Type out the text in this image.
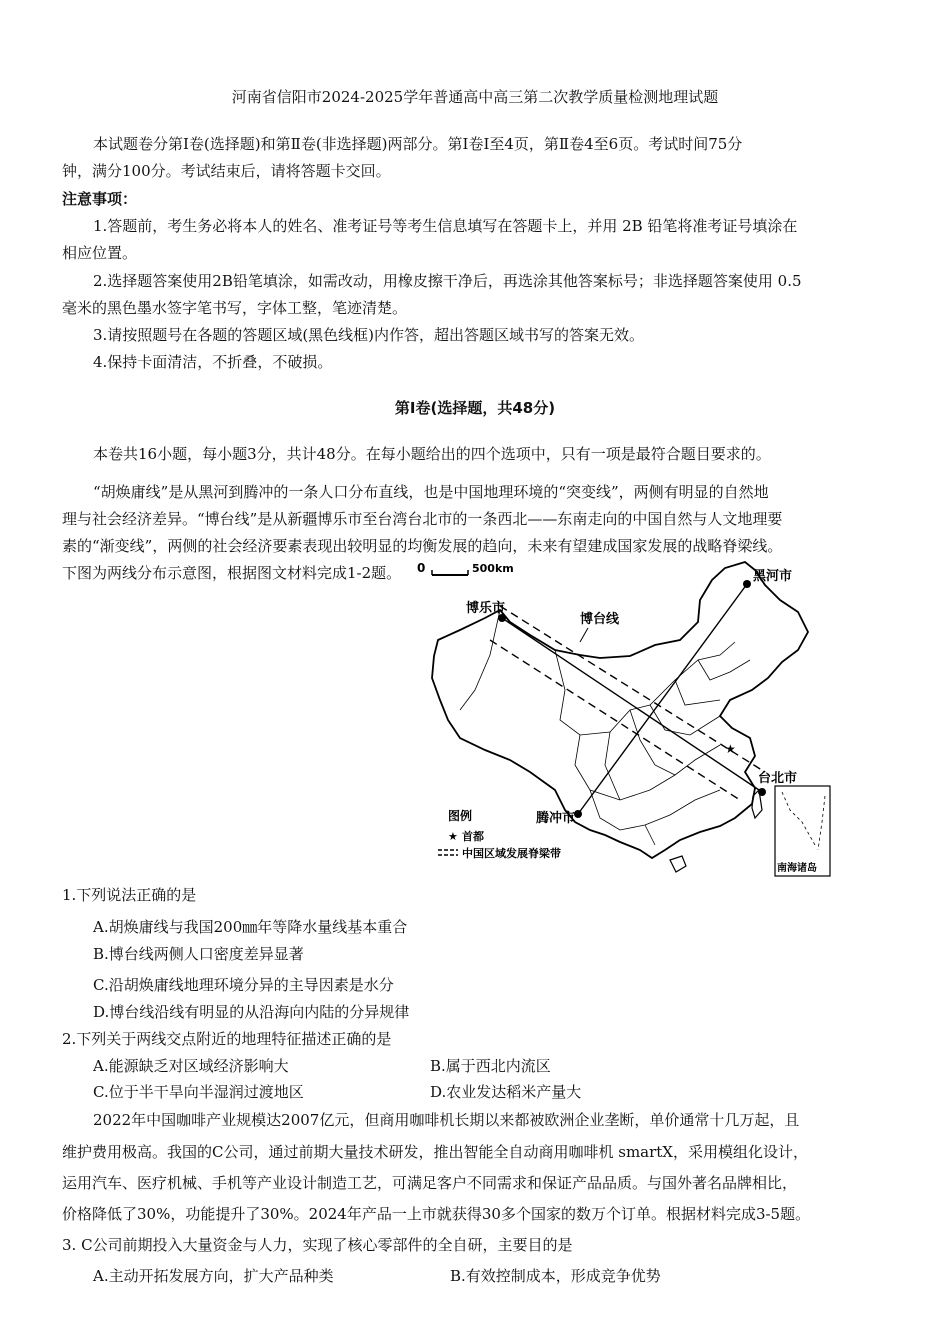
河南省信阳市2024-2025学年普通高中高三第二次教学质量检测地理试题
本试题卷分第Ⅰ卷(选择题)和第Ⅱ卷(非选择题)两部分。第Ⅰ卷Ⅰ至4页，第Ⅱ卷4至6页。考试时间75分
钟，满分100分。考试结束后，请将答题卡交回。
注意事项：
1.答题前，考生务必将本人的姓名、准考证号等考生信息填写在答题卡上，并用 2B 铅笔将准考证号填涂在
相应位置。
2.选择题答案使用2B铅笔填涂，如需改动，用橡皮擦干净后，再选涂其他答案标号；非选择题答案使用 0.5
毫米的黑色墨水签字笔书写，字体工整，笔迹清楚。
3.请按照题号在各题的答题区域(黑色线框)内作答，超出答题区域书写的答案无效。
4.保持卡面清洁，不折叠，不破损。
第Ⅰ卷(选择题，共48分)
本卷共16小题，每小题3分，共计48分。在每小题给出的四个选项中，只有一项是最符合题目要求的。
“胡焕庸线”是从黑河到腾冲的一条人口分布直线，也是中国地理环境的“突变线”，两侧有明显的自然地
理与社会经济差异。“博台线”是从新疆博乐市至台湾台北市的一条西北——东南走向的中国自然与人文地理要
素的“渐变线”，两侧的社会经济要素表现出较明显的均衡发展的趋向，未来有望建成国家发展的战略脊梁线。
下图为两线分布示意图，根据图文材料完成1-2题。 0	500km
★
黑河市
博乐市
博台线
腾冲市
台北市
南海诸岛
图例
★ 首都
中国区域发展脊梁带
1.下列说法正确的是
A.胡焕庸线与我国200㎜年等降水量线基本重合
B.博台线两侧人口密度差异显著
C.沿胡焕庸线地理环境分异的主导因素是水分
D.博台线沿线有明显的从沿海向内陆的分异规律
2.下列关于两线交点附近的地理特征描述正确的是
A.能源缺乏对区域经济影响大	B.属于西北内流区
C.位于半干旱向半湿润过渡地区	D.农业发达稻米产量大
2022年中国咖啡产业规模达2007亿元，但商用咖啡机长期以来都被欧洲企业垄断，单价通常十几万起，且
维护费用极高。我国的C公司，通过前期大量技术研发，推出智能全自动商用咖啡机 smartX，采用模组化设计，
运用汽车、医疗机械、手机等产业设计制造工艺，可满足客户不同需求和保证产品品质。与国外著名品牌相比，
价格降低了30%，功能提升了30%。2024年产品一上市就获得30多个国家的数万个订单。根据材料完成3-5题。
3. C公司前期投入大量资金与人力，实现了核心零部件的全自研，主要目的是
A.主动开拓发展方向，扩大产品种类	B.有效控制成本，形成竞争优势
